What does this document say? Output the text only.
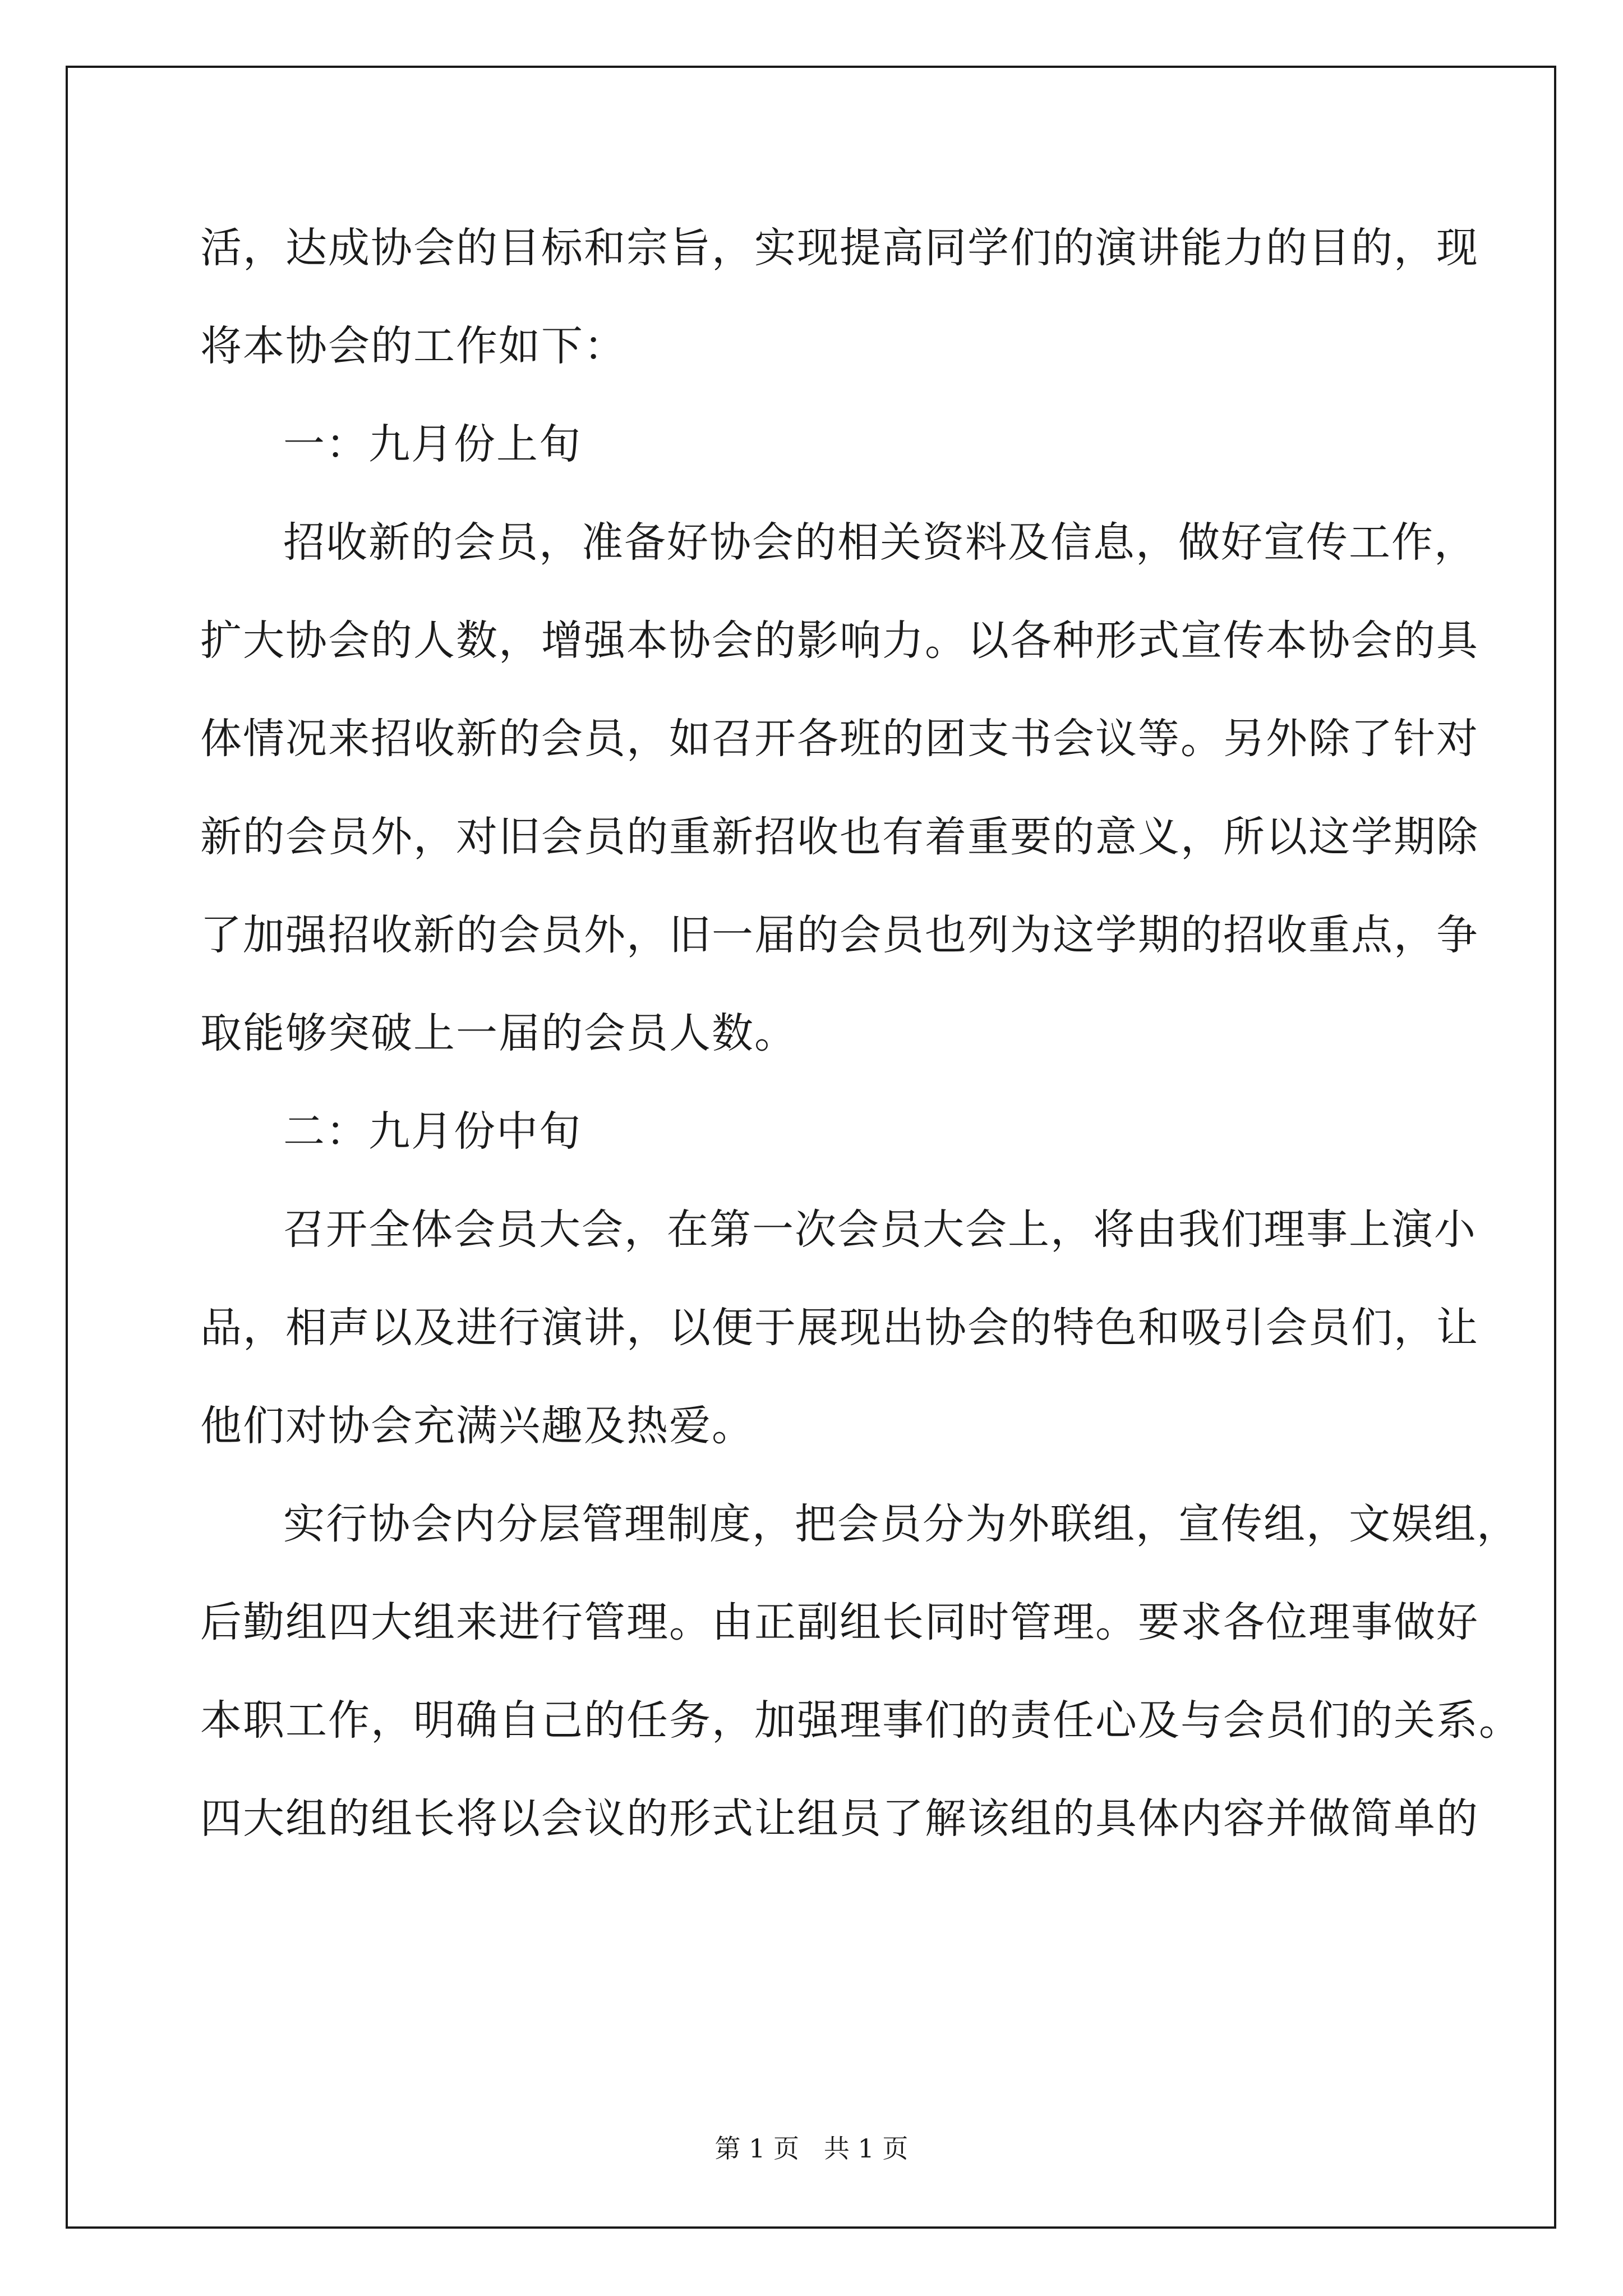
活，达成协会的目标和宗旨，实现提高同学们的演讲能力的目的，现
将本协会的工作如下：
一：九月份上旬
招收新的会员，准备好协会的相关资料及信息，做好宣传工作，
扩大协会的人数，增强本协会的影响力。以各种形式宣传本协会的具
体情况来招收新的会员，如召开各班的团支书会议等。另外除了针对
新的会员外，对旧会员的重新招收也有着重要的意义，所以这学期除
了加强招收新的会员外，旧一届的会员也列为这学期的招收重点，争
取能够突破上一届的会员人数。
二：九月份中旬
召开全体会员大会，在第一次会员大会上，将由我们理事上演小
品，相声以及进行演讲，以便于展现出协会的特色和吸引会员们，让
他们对协会充满兴趣及热爱。
实行协会内分层管理制度，把会员分为外联组，宣传组，文娱组，
后勤组四大组来进行管理。由正副组长同时管理。要求各位理事做好
本职工作，明确自己的任务，加强理事们的责任心及与会员们的关系。
四大组的组长将以会议的形式让组员了解该组的具体内容并做简单的
第 1 页   共 1 页
